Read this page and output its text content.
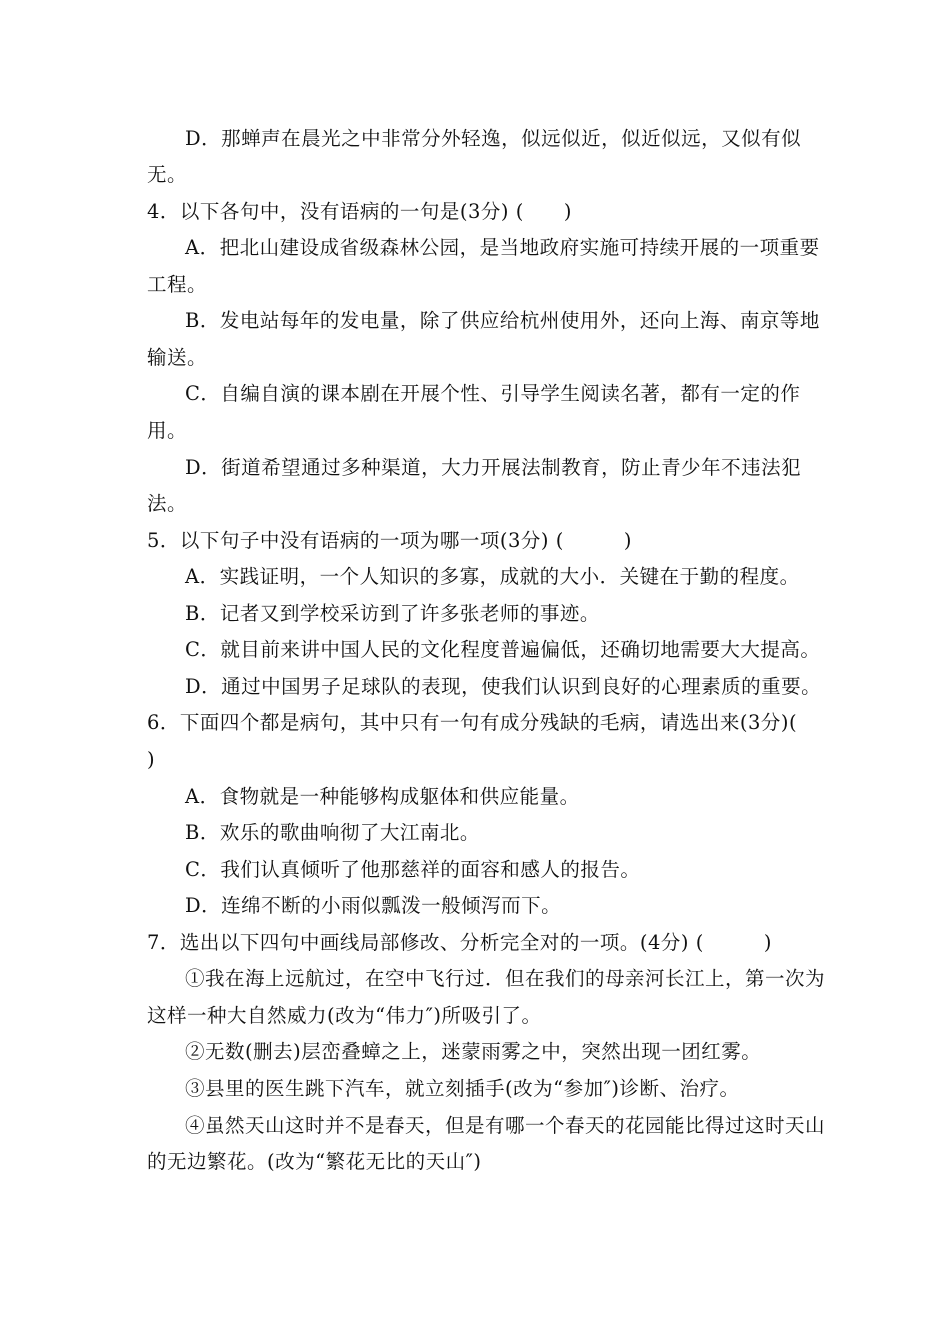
D．那蝉声在晨光之中非常分外轻逸，似远似近，似近似远，又似有似
无。
4．以下各句中，没有语病的一句是(3分) (　　)
A．把北山建设成省级森林公园，是当地政府实施可持续开展的一项重要
工程。
B．发电站每年的发电量，除了供应给杭州使用外，还向上海、南京等地
输送。
C．自编自演的课本剧在开展个性、引导学生阅读名著，都有一定的作
用。
D．街道希望通过多种渠道，大力开展法制教育，防止青少年不违法犯
法。
5．以下句子中没有语病的一项为哪一项(3分) (　　　)
A．实践证明，一个人知识的多寡，成就的大小．关键在于勤的程度。
B．记者又到学校采访到了许多张老师的事迹。
C．就目前来讲中国人民的文化程度普遍偏低，还确切地需要大大提高。
D．通过中国男子足球队的表现，使我们认识到良好的心理素质的重要。
6．下面四个都是病句，其中只有一句有成分残缺的毛病，请选出来(3分)(
)
A．食物就是一种能够构成躯体和供应能量。
B．欢乐的歌曲响彻了大江南北。
C．我们认真倾听了他那慈祥的面容和感人的报告。
D．连绵不断的小雨似瓢泼一般倾泻而下。
7．选出以下四句中画线局部修改、分析完全对的一项。(4分) (　　　)
①我在海上远航过，在空中飞行过．但在我们的母亲河长江上，第一次为
这样一种大自然威力(改为“伟力″)所吸引了。
②无数(删去)层峦叠蟑之上，迷蒙雨雾之中，突然出现一团红雾。
③县里的医生跳下汽车，就立刻插手(改为“参加″)诊断、治疗。
④虽然天山这时并不是春天，但是有哪一个春天的花园能比得过这时天山
的无边繁花。(改为“繁花无比的天山″)
